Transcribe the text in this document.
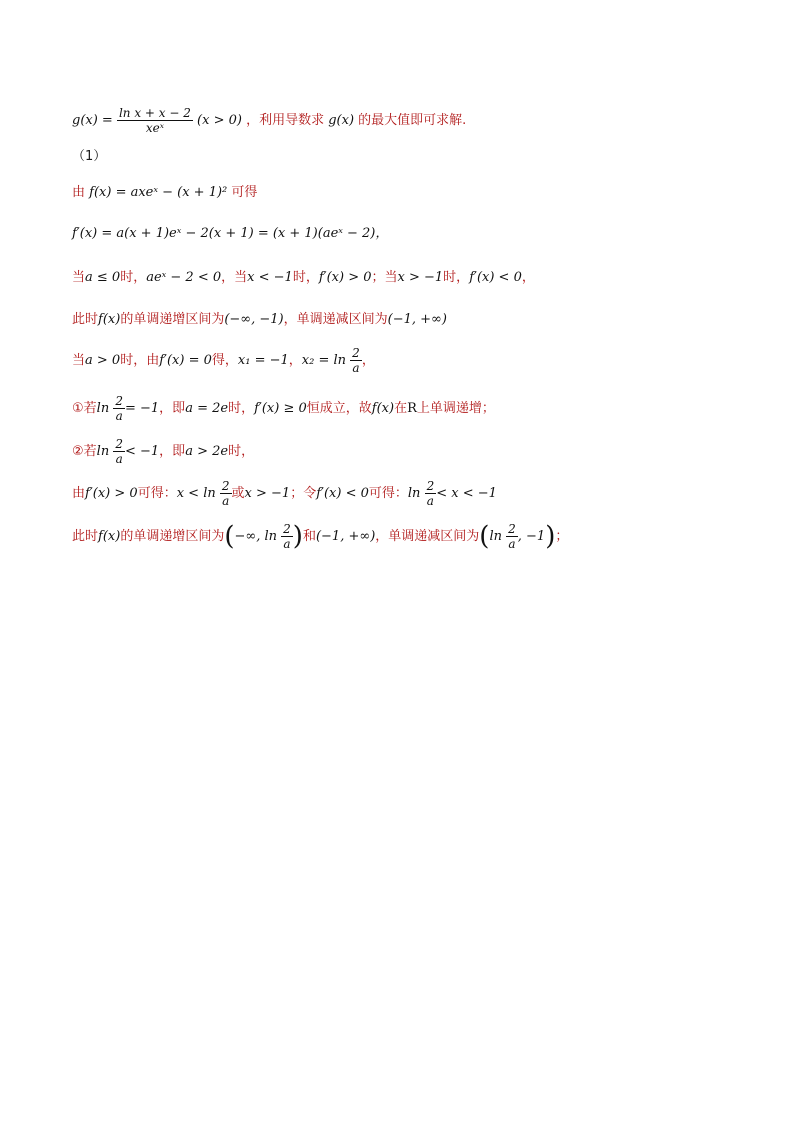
$g(x) = \frac{\text{ln x + x − 2}}{\text{xeˣ}} (x > 0)$ ，利用导数求 g(x) 的最大值即可求解.
（1）
由 f(x) = axeˣ − (x + 1)² 可得
f′(x) = a(x + 1)eˣ − 2(x + 1) = (x + 1)(aeˣ − 2)，
当a ≤ 0时，aeˣ − 2 < 0，当x < −1时，f′(x) > 0；当x > −1时，f′(x) < 0，
此时f(x)的单调递增区间为(−∞, −1)，单调递减区间为(−1, +∞)
当a > 0时，由f′(x) = 0得，x₁ = −1，$x_2 = \ln \frac{2}{a}$ ，
①若$\ln \frac{2}{a} = -1$，即a = 2e时，f′(x) ≥ 0恒成立，故f(x)在R上单调递增；
②若$\ln \frac{2}{a} < -1$，即a > 2e时，
由f′(x) > 0可得：$x < \ln \frac{2}{a}$ 或x > −1；令f′(x) < 0可得：$\ln \frac{2}{a} < x < -1$
此时f(x)的单调递增区间为(−∞, $\ln \frac{2}{a}$ )和(−1, +∞)，单调递减区间为($\ln \frac{2}{a}$ , −1)；
